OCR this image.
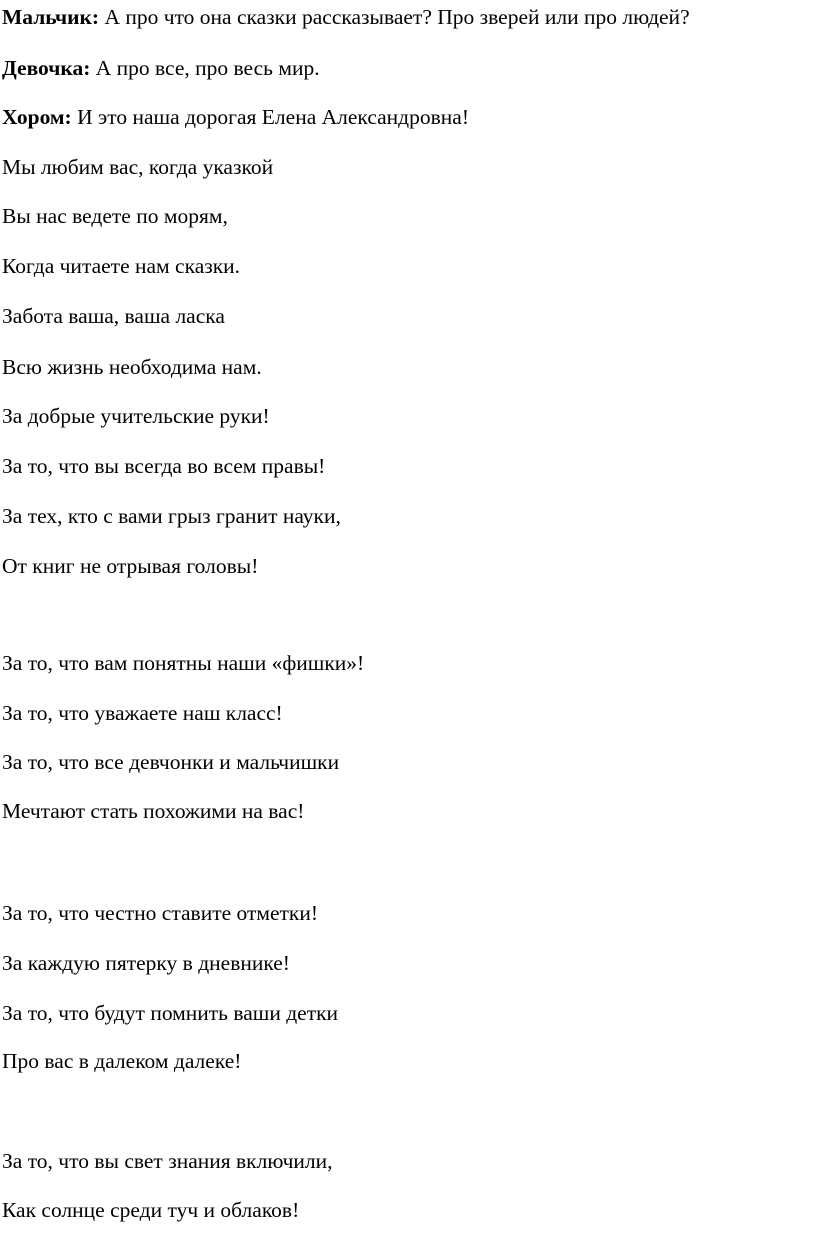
Мальчик: А про что она сказки рассказывает? Про зверей или про людей?

Девочка: А про все, про весь мир.

Хором: И это наша дорогая Елена Александровна!

Мы любим вас, когда указкой

Вы нас ведете по морям,

Когда читаете нам сказки.

Забота ваша, ваша ласка

Всю жизнь необходима нам.

За добрые учительские руки!

За то, что вы всегда во всем правы!

За тех, кто с вами грыз гранит науки,

От книг не отрывая головы!

За то, что вам понятны наши «фишки»!

За то, что уважаете наш класс!

За то, что все девчонки и мальчишки

Мечтают стать похожими на вас!

За то, что честно ставите отметки!

За каждую пятерку в дневнике!

За то, что будут помнить ваши детки

Про вас в далеком далеке!

За то, что вы свет знания включили,

Как солнце среди туч и облаков!
